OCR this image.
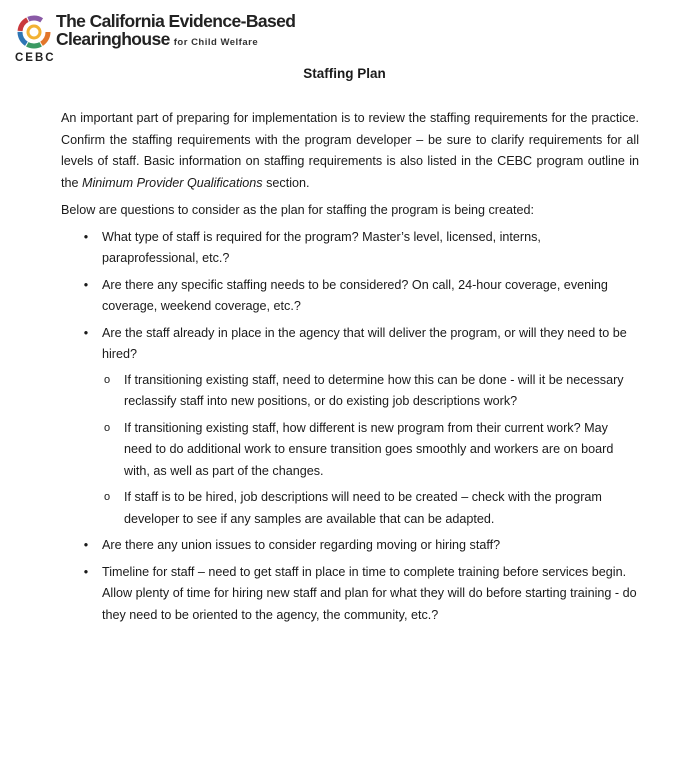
The California Evidence-Based
Clearinghouse for Child Welfare
CEBC
Staffing Plan

An important part of preparing for implementation is to review the staffing requirements for the practice. Confirm the staffing requirements with the program developer – be sure to clarify requirements for all levels of staff. Basic information on staffing requirements is also listed in the CEBC program outline in the Minimum Provider Qualifications section.

Below are questions to consider as the plan for staffing the program is being created:

• What type of staff is required for the program? Master’s level, licensed, interns, paraprofessional, etc.?
• Are there any specific staffing needs to be considered? On call, 24-hour coverage, evening coverage, weekend coverage, etc.?
• Are the staff already in place in the agency that will deliver the program, or will they need to be hired?
o If transitioning existing staff, need to determine how this can be done - will it be necessary reclassify staff into new positions, or do existing job descriptions work?
o If transitioning existing staff, how different is new program from their current work? May need to do additional work to ensure transition goes smoothly and workers are on board with, as well as part of the changes.
o If staff is to be hired, job descriptions will need to be created – check with the program developer to see if any samples are available that can be adapted.
• Are there any union issues to consider regarding moving or hiring staff?
• Timeline for staff – need to get staff in place in time to complete training before services begin. Allow plenty of time for hiring new staff and plan for what they will do before starting training - do they need to be oriented to the agency, the community, etc.?
